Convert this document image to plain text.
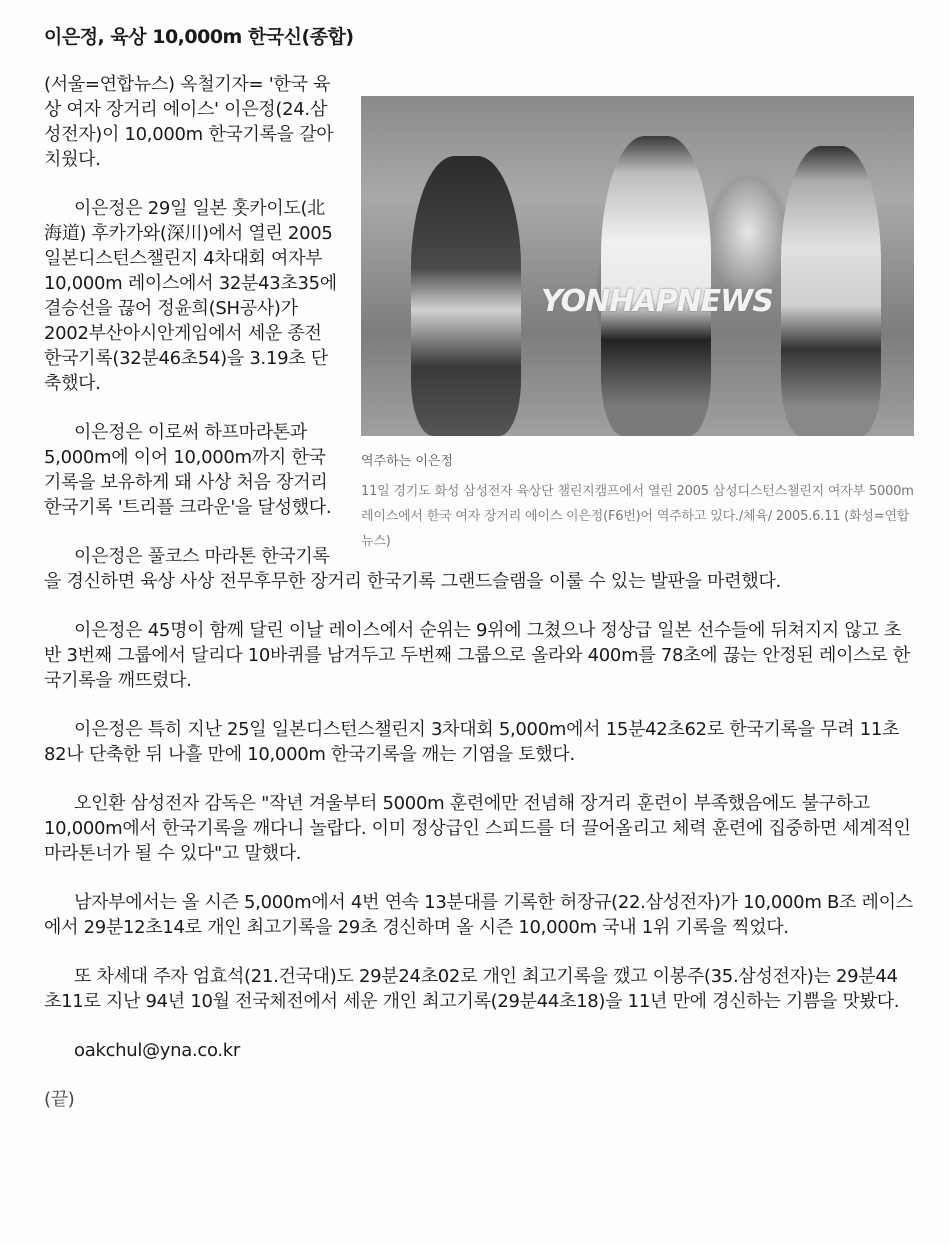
이은정, 육상 10,000m 한국신(종합)
YONHAPNEWS
역주하는 이은정
11일 경기도 화성 삼성전자 육상단 챌린지캠프에서 열린 2005 삼성디스턴스챌린지 여자부 5000m레이스에서 한국 여자 장거리 에이스 이은정(F6번)어 역주하고 있다./체육/ 2005.6.11 (화성=연합뉴스)

(서울=연합뉴스) 옥철기자= '한국 육상 여자 장거리 에이스' 이은정(24.삼성전자)이 10,000m 한국기록을 갈아치웠다.

이은정은 29일 일본 홋카이도(北海道) 후카가와(深川)에서 열린 2005일본디스턴스챌린지 4차대회 여자부 10,000m 레이스에서 32분43초35에 결승선을 끊어 정윤희(SH공사)가 2002부산아시안게임에서 세운 종전 한국기록(32분46초54)을 3.19초 단축했다.

이은정은 이로써 하프마라톤과 5,000m에 이어 10,000m까지 한국기록을 보유하게 돼 사상 처음 장거리 한국기록 '트리플 크라운'을 달성했다.

이은정은 풀코스 마라톤 한국기록을 경신하면 육상 사상 전무후무한 장거리 한국기록 그랜드슬램을 이룰 수 있는 발판을 마련했다.

이은정은 45명이 함께 달린 이날 레이스에서 순위는 9위에 그쳤으나 정상급 일본 선수들에 뒤쳐지지 않고 초반 3번째 그룹에서 달리다 10바퀴를 남겨두고 두번째 그룹으로 올라와 400m를 78초에 끊는 안정된 레이스로 한국기록을 깨뜨렸다.

이은정은 특히 지난 25일 일본디스턴스챌린지 3차대회 5,000m에서 15분42초62로 한국기록을 무려 11초82나 단축한 뒤 나흘 만에 10,000m 한국기록을 깨는 기염을 토했다.

오인환 삼성전자 감독은 "작년 겨울부터 5000m 훈련에만 전념해 장거리 훈련이 부족했음에도 불구하고 10,000m에서 한국기록을 깨다니 놀랍다. 이미 정상급인 스피드를 더 끌어올리고 체력 훈련에 집중하면 세계적인 마라톤너가 될 수 있다"고 말했다.

남자부에서는 올 시즌 5,000m에서 4번 연속 13분대를 기록한 허장규(22.삼성전자)가 10,000m B조 레이스에서 29분12초14로 개인 최고기록을 29초 경신하며 올 시즌 10,000m 국내 1위 기록을 찍었다.

또 차세대 주자 엄효석(21.건국대)도 29분24초02로 개인 최고기록을 깼고 이봉주(35.삼성전자)는 29분44초11로 지난 94년 10월 전국체전에서 세운 개인 최고기록(29분44초18)을 11년 만에 경신하는 기쁨을 맛봤다.

oakchul@yna.co.kr

(끝)
